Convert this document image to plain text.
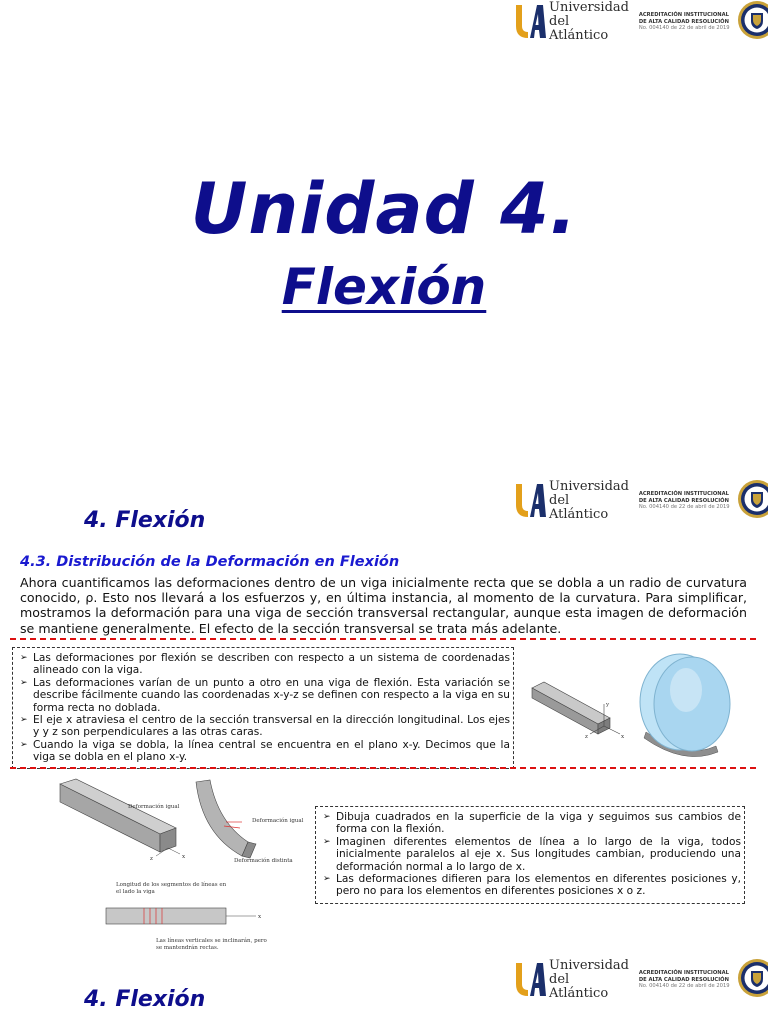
Universidad
del Atlántico
ACREDITACIÓN INSTITUCIONAL
DE ALTA CALIDAD RESOLUCIÓN
No. 004140 de 22 de abril de 2019
Unidad 4.
Flexión
Universidad
del Atlántico
ACREDITACIÓN INSTITUCIONAL
DE ALTA CALIDAD RESOLUCIÓN
No. 004140 de 22 de abril de 2019
4. Flexión
4.3. Distribución de la Deformación en Flexión
Ahora cuantificamos las deformaciones dentro de un viga inicialmente recta que se dobla a un radio de curvatura conocido, ρ. Esto nos llevará a los esfuerzos y, en última instancia, al momento de la curvatura. Para simplificar, mostramos la deformación para una viga de sección transversal rectangular, aunque esta imagen de deformación se mantiene generalmente. El efecto de la sección transversal se trata más adelante.
➢ Las deformaciones por flexión se describen con respecto a un sistema de coordenadas alineado con la viga.
➢ Las deformaciones varían de un punto a otro en una viga de flexión. Esta variación se describe fácilmente cuando las coordenadas x-y-z se definen con respecto a la viga en su forma recta no doblada.
➢ El eje x atraviesa el centro de la sección transversal en la dirección longitudinal. Los ejes y y z son perpendiculares a las otras caras.
➢ Cuando la viga se dobla, la línea central se encuentra en el plano x-y. Decimos que la viga se dobla en el plano x-y.
y
x
z
Deformación igual
x
z
Deformación igual
Deformación distinta
x
Longitud de los segmentos de líneas en
el lado la viga
Las líneas verticales se inclinarán, pero
se mantendrán rectas.
➢ Dibuja cuadrados en la superficie de la viga y seguimos sus cambios de forma con la flexión.
➢ Imaginen diferentes elementos de línea a lo largo de la viga, todos inicialmente paralelos al eje x. Sus longitudes cambian, produciendo una deformación normal a lo largo de x.
➢ Las deformaciones difieren para los elementos en diferentes posiciones y, pero no para los elementos en diferentes posiciones x o z.
Universidad
del Atlántico
ACREDITACIÓN INSTITUCIONAL
DE ALTA CALIDAD RESOLUCIÓN
No. 004140 de 22 de abril de 2019
4. Flexión
